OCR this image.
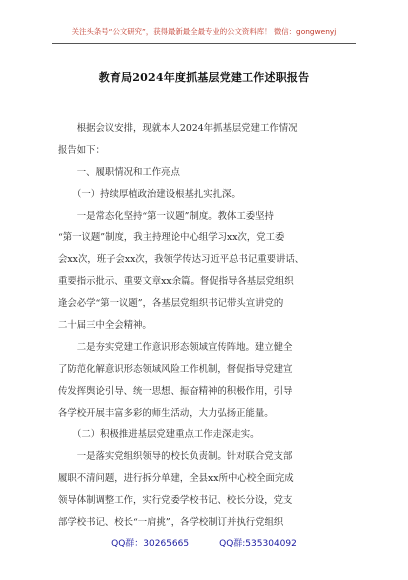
关注头条号“公文研究”，获得最新最全最专业的公文资料库！ 微信：gongwenyj
教育局2024年度抓基层党建工作述职报告
　　根据会议安排，现就本人2024年抓基层党建工作情况
报告如下：
　　一、履职情况和工作亮点
　　（一）持续厚植政治建设根基扎实扎深。
　　一是常态化坚持“第一议题”制度。教体工委坚持
“第一议题”制度，我主持理论中心组学习xx次，党工委
会xx次，班子会xx次，我领学传达习近平总书记重要讲话、
重要指示批示、重要文章xx余篇。督促指导各基层党组织
逢会必学“第一议题”，各基层党组织书记带头宣讲党的
二十届三中全会精神。
　　二是夯实党建工作意识形态领域宣传阵地。建立健全
了防范化解意识形态领域风险工作机制，督促指导党建宣
传发挥舆论引导、统一思想、振奋精神的积极作用，引导
各学校开展丰富多彩的师生活动，大力弘扬正能量。
　　（二）积极推进基层党建重点工作走深走实。
　　一是落实党组织领导的校长负责制。针对联合党支部
履职不清问题，进行拆分单建，全县xx所中心校全面完成
领导体制调整工作，实行党委学校书记、校长分设，党支
部学校书记、校长“一肩挑”，各学校制订并执行党组织
QQ群：30265665	QQ群:535304092
